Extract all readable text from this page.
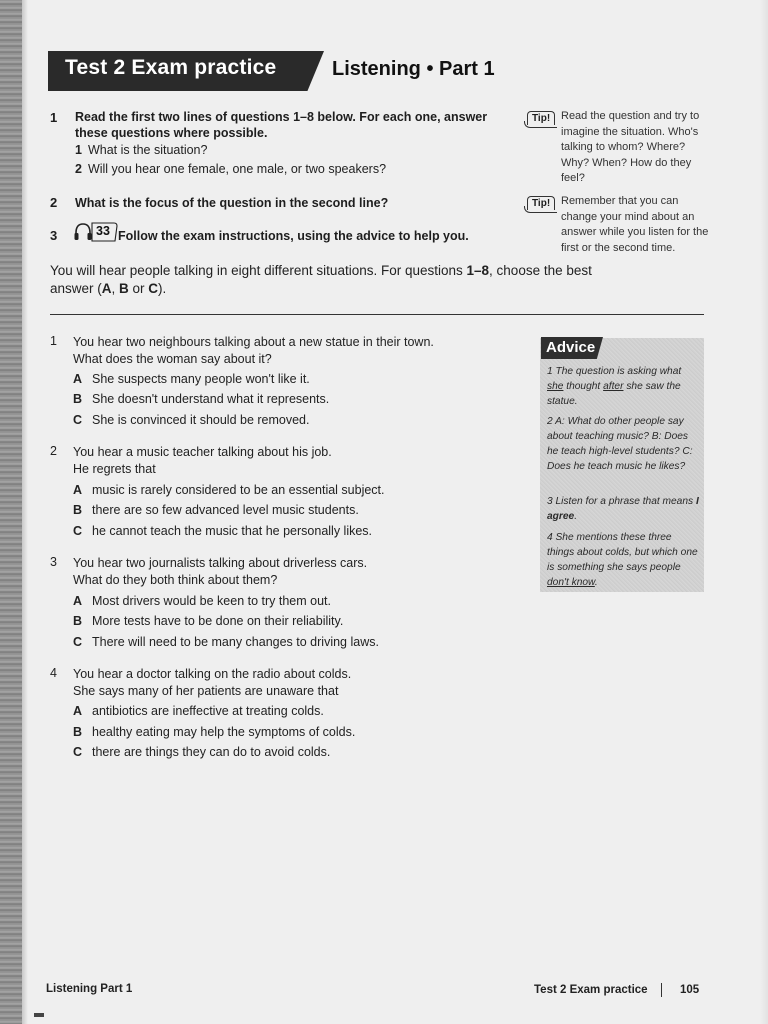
Test 2 Exam practice	Listening • Part 1
1 Read the first two lines of questions 1–8 below. For each one, answer these questions where possible.
1 What is the situation?
2 Will you hear one female, one male, or two speakers?
2 What is the focus of the question in the second line?
3	33 Follow the exam instructions, using the advice to help you.
Tip! Read the question and try to imagine the situation. Who's talking to whom? Where? Why? When? How do they feel?
Tip! Remember that you can change your mind about an answer while you listen for the first or the second time.
You will hear people talking in eight different situations. For questions 1–8, choose the best answer (A, B or C).
1 You hear two neighbours talking about a new statue in their town.
What does the woman say about it?
A She suspects many people won't like it.
B She doesn't understand what it represents.
C She is convinced it should be removed.
2 You hear a music teacher talking about his job.
He regrets that
A music is rarely considered to be an essential subject.
B there are so few advanced level music students.
C he cannot teach the music that he personally likes.
3 You hear two journalists talking about driverless cars.
What do they both think about them?
A Most drivers would be keen to try them out.
B More tests have to be done on their reliability.
C There will need to be many changes to driving laws.
4 You hear a doctor talking on the radio about colds.
She says many of her patients are unaware that
A antibiotics are ineffective at treating colds.
B healthy eating may help the symptoms of colds.
C there are things they can do to avoid colds.
Advice
1 The question is asking what she thought after she saw the statue.
2 A: What do other people say about teaching music? B: Does he teach high-level students? C: Does he teach music he likes?
3 Listen for a phrase that means I agree.
4 She mentions these three things about colds, but which one is something she says people don't know.
Listening Part 1	Test 2 Exam practice	105
